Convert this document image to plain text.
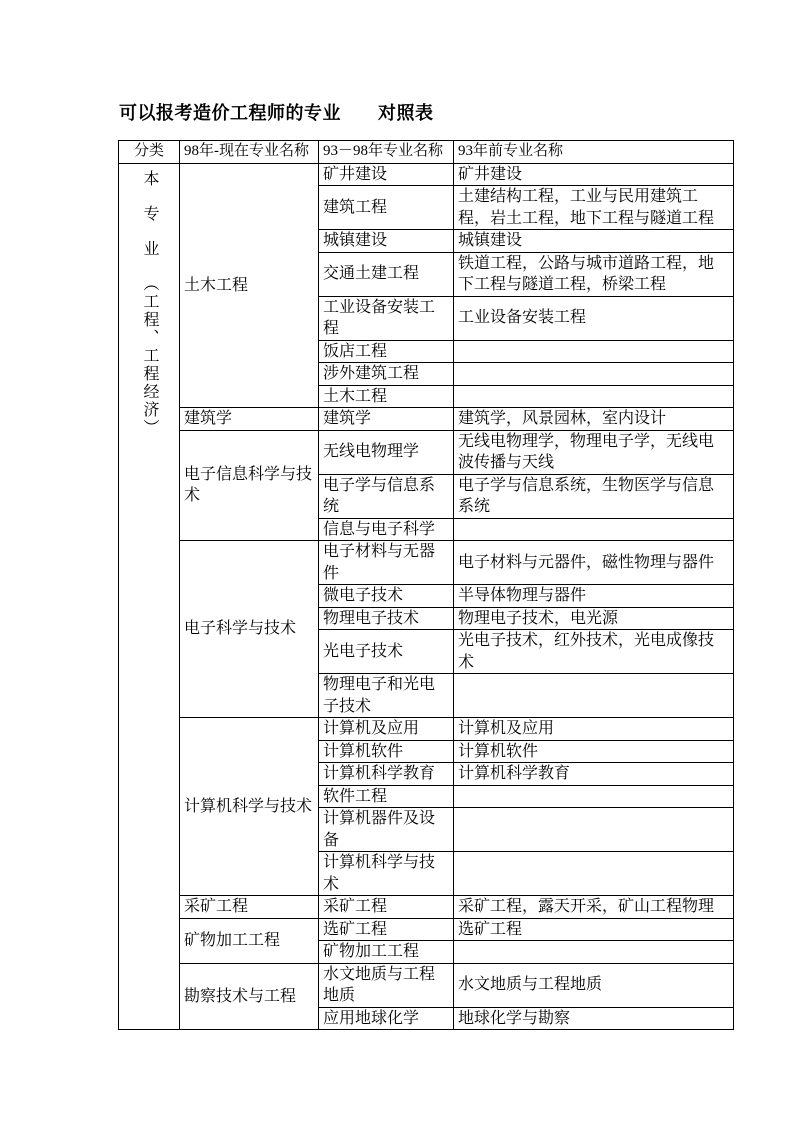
可以报考造价工程师的专业　　对照表
分类	98年-现在专业名称	93－98年专业名称	93年前专业名称
本专业（工程、工程经济）	土木工程	矿井建设	矿井建设
		建筑工程	土建结构工程，工业与民用建筑工程，岩土工程，地下工程与隧道工程
		城镇建设	城镇建设
		交通土建工程	铁道工程，公路与城市道路工程，地下工程与隧道工程，桥梁工程
		工业设备安装工程	工业设备安装工程
		饭店工程	
		涉外建筑工程	
		土木工程	
	建筑学	建筑学	建筑学，风景园林，室内设计
	电子信息科学与技术	无线电物理学	无线电物理学，物理电子学，无线电波传播与天线
		电子学与信息系统	电子学与信息系统，生物医学与信息系统
		信息与电子科学	
	电子科学与技术	电子材料与无器件	电子材料与元器件，磁性物理与器件
		微电子技术	半导体物理与器件
		物理电子技术	物理电子技术，电光源
		光电子技术	光电子技术，红外技术，光电成像技术
		物理电子和光电子技术	
	计算机科学与技术	计算机及应用	计算机及应用
		计算机软件	计算机软件
		计算机科学教育	计算机科学教育
		软件工程	
		计算机器件及设备	
		计算机科学与技术	
	采矿工程	采矿工程	采矿工程，露天开采，矿山工程物理
	矿物加工工程	选矿工程	选矿工程
		矿物加工工程	
	勘察技术与工程	水文地质与工程地质	水文地质与工程地质
		应用地球化学	地球化学与勘察
